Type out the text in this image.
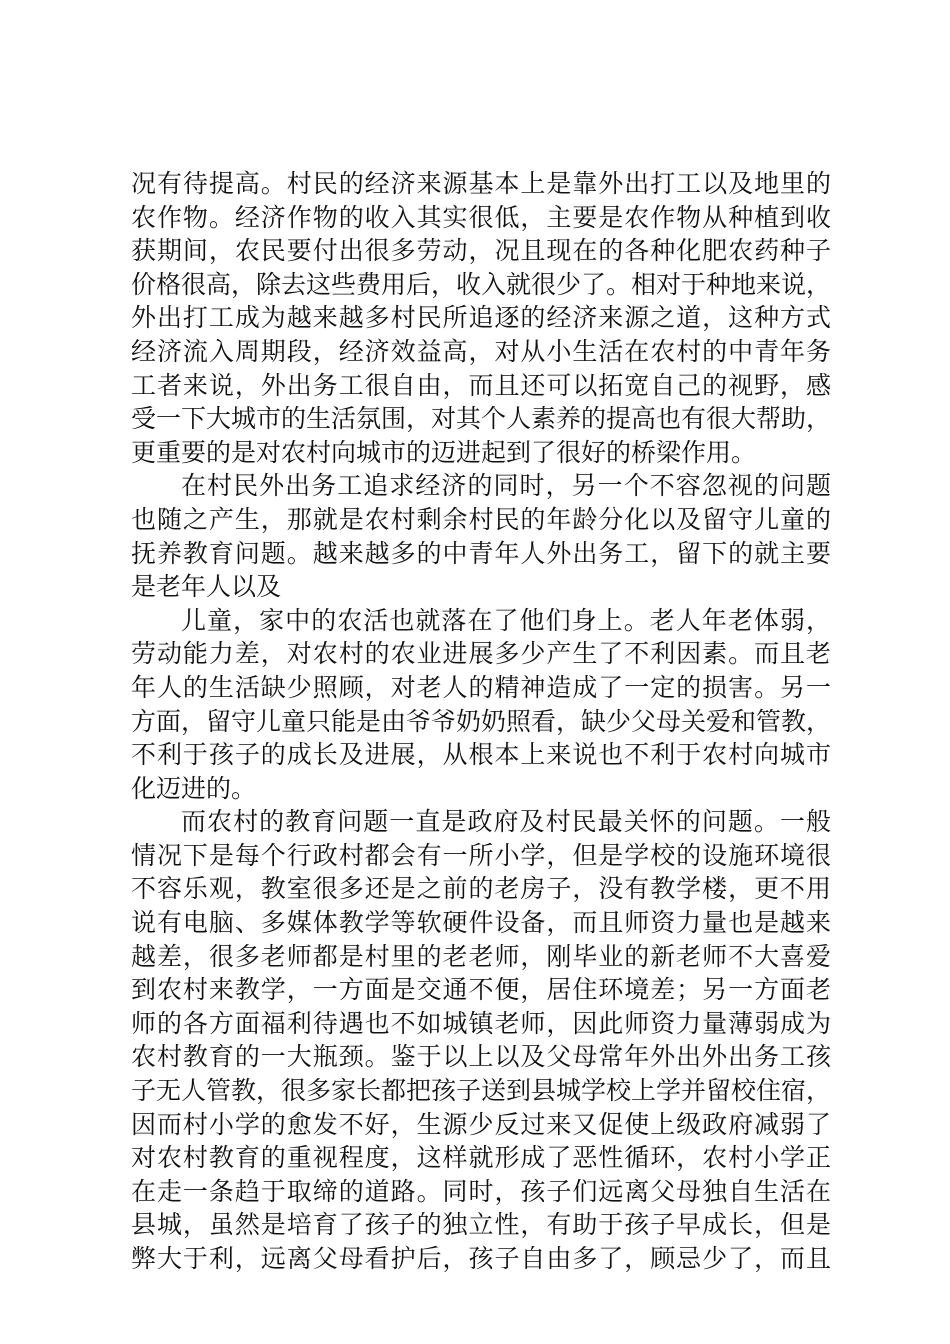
况有待提高。村民的经济来源基本上是靠外出打工以及地里的
农作物。经济作物的收入其实很低，主要是农作物从种植到收
获期间，农民要付出很多劳动，况且现在的各种化肥农药种子
价格很高，除去这些费用后，收入就很少了。相对于种地来说，
外出打工成为越来越多村民所追逐的经济来源之道，这种方式
经济流入周期段，经济效益高，对从小生活在农村的中青年务
工者来说，外出务工很自由，而且还可以拓宽自己的视野，感
受一下大城市的生活氛围，对其个人素养的提高也有很大帮助，
更重要的是对农村向城市的迈进起到了很好的桥梁作用。
在村民外出务工追求经济的同时，另一个不容忽视的问题
也随之产生，那就是农村剩余村民的年龄分化以及留守儿童的
抚养教育问题。越来越多的中青年人外出务工，留下的就主要
是老年人以及
儿童，家中的农活也就落在了他们身上。老人年老体弱，
劳动能力差，对农村的农业进展多少产生了不利因素。而且老
年人的生活缺少照顾，对老人的精神造成了一定的损害。另一
方面，留守儿童只能是由爷爷奶奶照看，缺少父母关爱和管教，
不利于孩子的成长及进展，从根本上来说也不利于农村向城市
化迈进的。
而农村的教育问题一直是政府及村民最关怀的问题。一般
情况下是每个行政村都会有一所小学，但是学校的设施环境很
不容乐观，教室很多还是之前的老房子，没有教学楼，更不用
说有电脑、多媒体教学等软硬件设备，而且师资力量也是越来
越差，很多老师都是村里的老老师，刚毕业的新老师不大喜爱
到农村来教学，一方面是交通不便，居住环境差；另一方面老
师的各方面福利待遇也不如城镇老师，因此师资力量薄弱成为
农村教育的一大瓶颈。鉴于以上以及父母常年外出外出务工孩
子无人管教，很多家长都把孩子送到县城学校上学并留校住宿，
因而村小学的愈发不好，生源少反过来又促使上级政府减弱了
对农村教育的重视程度，这样就形成了恶性循环，农村小学正
在走一条趋于取缔的道路。同时，孩子们远离父母独自生活在
县城，虽然是培育了孩子的独立性，有助于孩子早成长，但是
弊大于利，远离父母看护后，孩子自由多了，顾忌少了，而且
